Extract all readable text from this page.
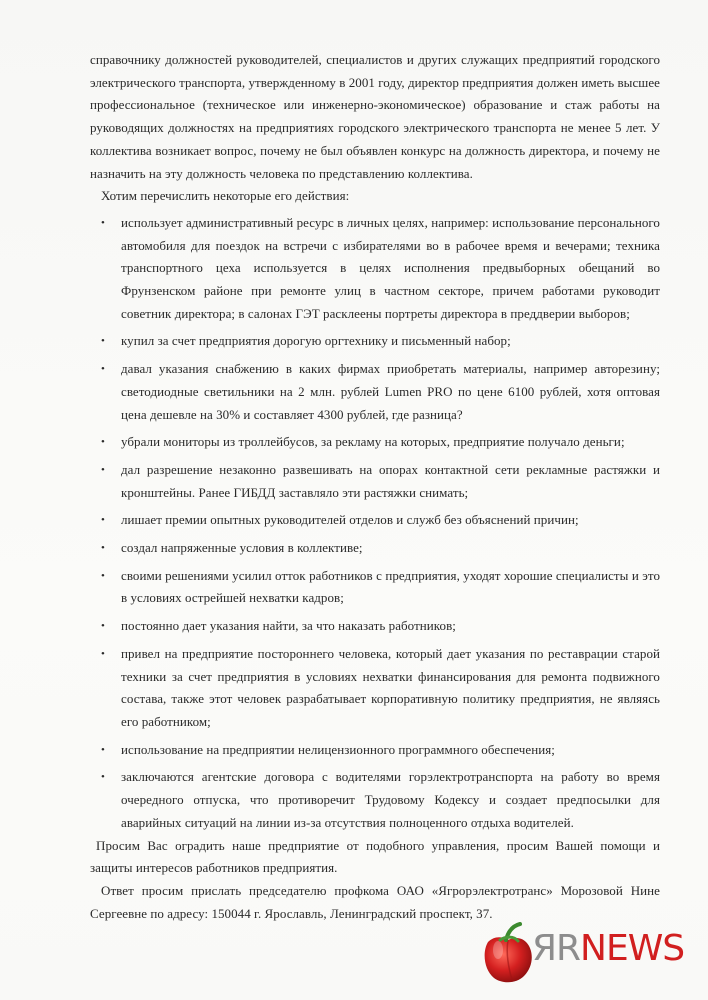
справочнику должностей руководителей, специалистов и других служащих предприятий городского электрического транспорта, утвержденному в 2001 году, директор предприятия должен иметь высшее профессиональное (техническое или инженерно-экономическое) образование и стаж работы на руководящих должностях на предприятиях городского электрического транспорта не менее 5 лет. У коллектива возникает вопрос, почему не был объявлен конкурс на должность директора, и почему не назначить на эту должность человека по представлению коллектива.

Хотим перечислить некоторые его действия:

• использует административный ресурс в личных целях, например: использование персонального автомобиля для поездок на встречи с избирателями во в рабочее время и вечерами; техника транспортного цеха используется в целях исполнения предвыборных обещаний во Фрунзенском районе при ремонте улиц в частном секторе, причем работами руководит советник директора; в салонах ГЭТ расклеены портреты директора в преддверии выборов;
• купил за счет предприятия дорогую оргтехнику и письменный набор;
• давал указания снабжению в каких фирмах приобретать материалы, например авторезину; светодиодные светильники на 2 млн. рублей Lumen PRO по цене 6100 рублей, хотя оптовая цена дешевле на 30% и составляет 4300 рублей, где разница?
• убрали мониторы из троллейбусов, за рекламу на которых, предприятие получало деньги;
• дал разрешение незаконно развешивать на опорах контактной сети рекламные растяжки и кронштейны. Ранее ГИБДД заставляло эти растяжки снимать;
• лишает премии опытных руководителей отделов и служб без объяснений причин;
• создал напряженные условия в коллективе;
• своими решениями усилил отток работников с предприятия, уходят хорошие специалисты и это в условиях острейшей нехватки кадров;
• постоянно дает указания найти, за что наказать работников;
• привел на предприятие постороннего человека, который дает указания по реставрации старой техники за счет предприятия в условиях нехватки финансирования для ремонта подвижного состава, также этот человек разрабатывает корпоративную политику предприятия, не являясь его работником;
• использование на предприятии нелицензионного программного обеспечения;
• заключаются агентские договора с водителями горэлектротранспорта на работу во время очередного отпуска, что противоречит Трудовому Кодексу и создает предпосылки для аварийных ситуаций на линии из-за отсутствия полноценного отдыха водителей.

Просим Вас оградить наше предприятие от подобного управления, просим Вашей помощи и защиты интересов работников предприятия.

Ответ просим прислать председателю профкома ОАО «Ягрорэлектротранс» Морозовой Нине Сергеевне по адресу: 150044 г. Ярославль, Ленинградский проспект, 37.

ЯRNEWS
